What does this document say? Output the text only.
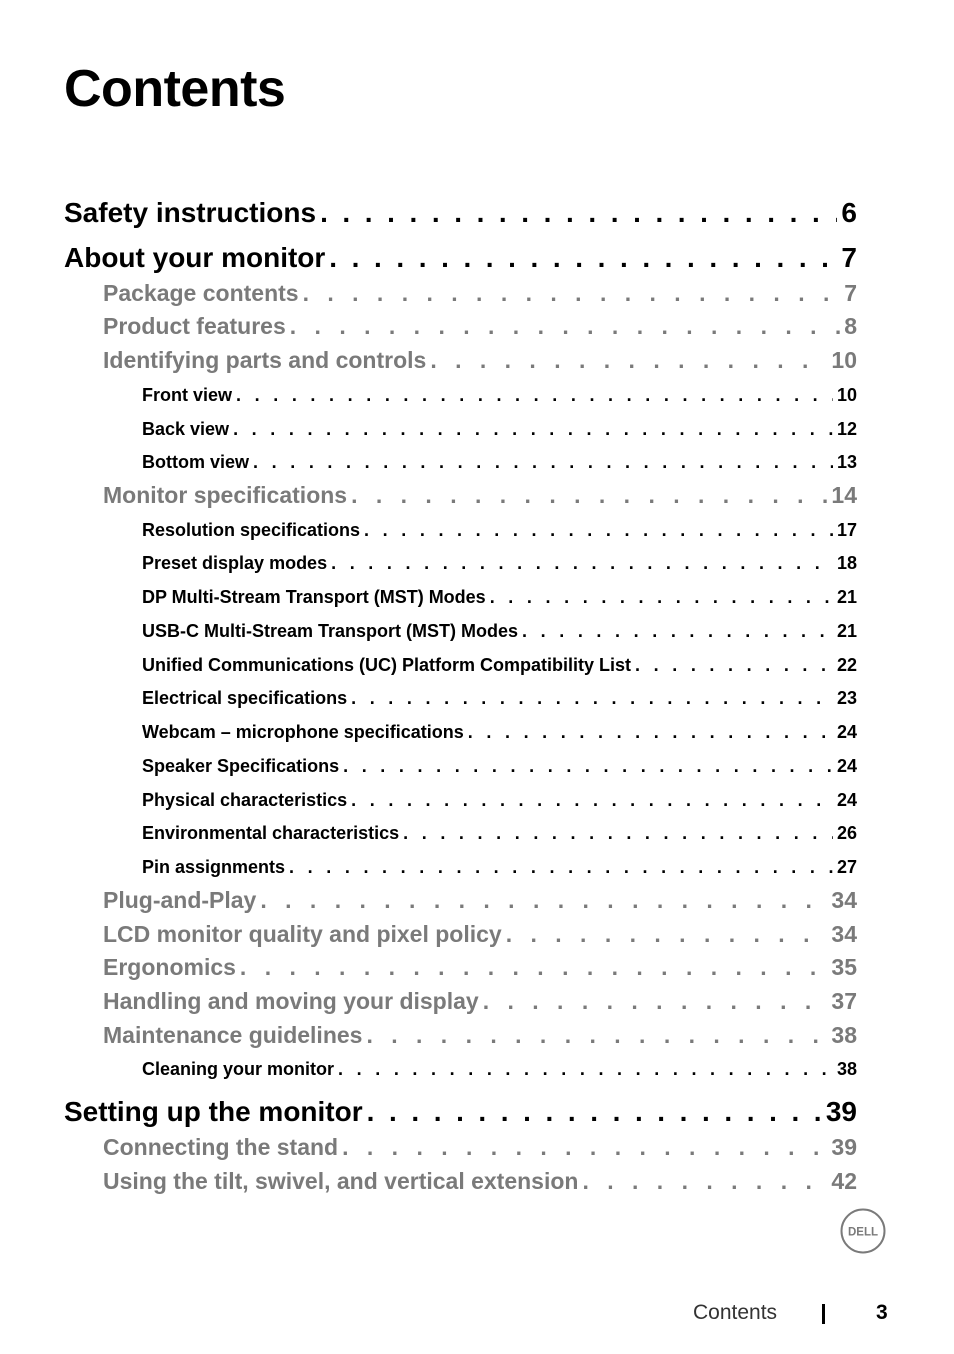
Contents
Safety instructions . . .	6
About your monitor . . .	7
Package contents . . .	7
Product features . . .	8
Identifying parts and controls . . .	10
Front view . . .	10
Back view . . .	12
Bottom view . . .	13
Monitor specifications . . .	14
Resolution specifications . . .	17
Preset display modes . . .	18
DP Multi-Stream Transport (MST) Modes . . .	21
USB-C Multi-Stream Transport (MST) Modes . . .	21
Unified Communications (UC) Platform Compatibility List . . .	22
Electrical specifications . . .	23
Webcam – microphone specifications . . .	24
Speaker Specifications . . .	24
Physical characteristics . . .	24
Environmental characteristics . . .	26
Pin assignments . . .	27
Plug-and-Play . . .	34
LCD monitor quality and pixel policy . . .	34
Ergonomics . . .	35
Handling and moving your display . . .	37
Maintenance guidelines . . .	38
Cleaning your monitor . . .	38
Setting up the monitor . . .	39
Connecting the stand . . .	39
Using the tilt, swivel, and vertical extension . . .	42
DELL
Contents	3
